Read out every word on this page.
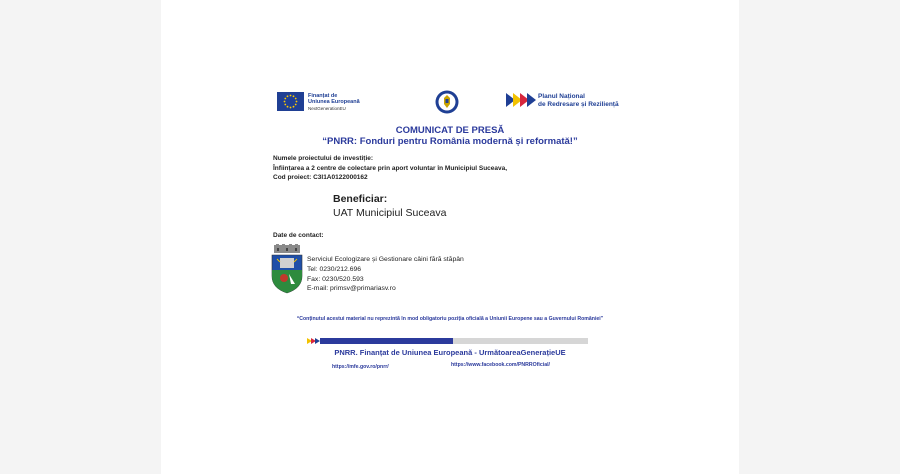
Finanțat de
Uniunea Europeană
NextGenerationEU
Planul Național
de Redresare și Reziliență
COMUNICAT DE PRESĂ
“PNRR: Fonduri pentru România modernă și reformată!”
Numele proiectului de investiție:
Înființarea a 2 centre de colectare prin aport voluntar în Municipiul Suceava,
Cod proiect: C3I1A0122000162
Beneficiar:
UAT Municipiul Suceava
Date de contact:
Serviciul Ecologizare și Gestionare câini fără stăpân
Tel: 0230/212.696
Fax: 0230/520.593
E-mail: primsv@primariasv.ro
“Conținutul acestui material nu reprezintă în mod obligatoriu poziția oficială a Uniunii Europene sau a Guvernului României”
PNRR. Finanțat de Uniunea Europeană - UrmătoareaGenerațieUE
https://mfe.gov.ro/pnrr/	https://www.facebook.com/PNRROficial/
